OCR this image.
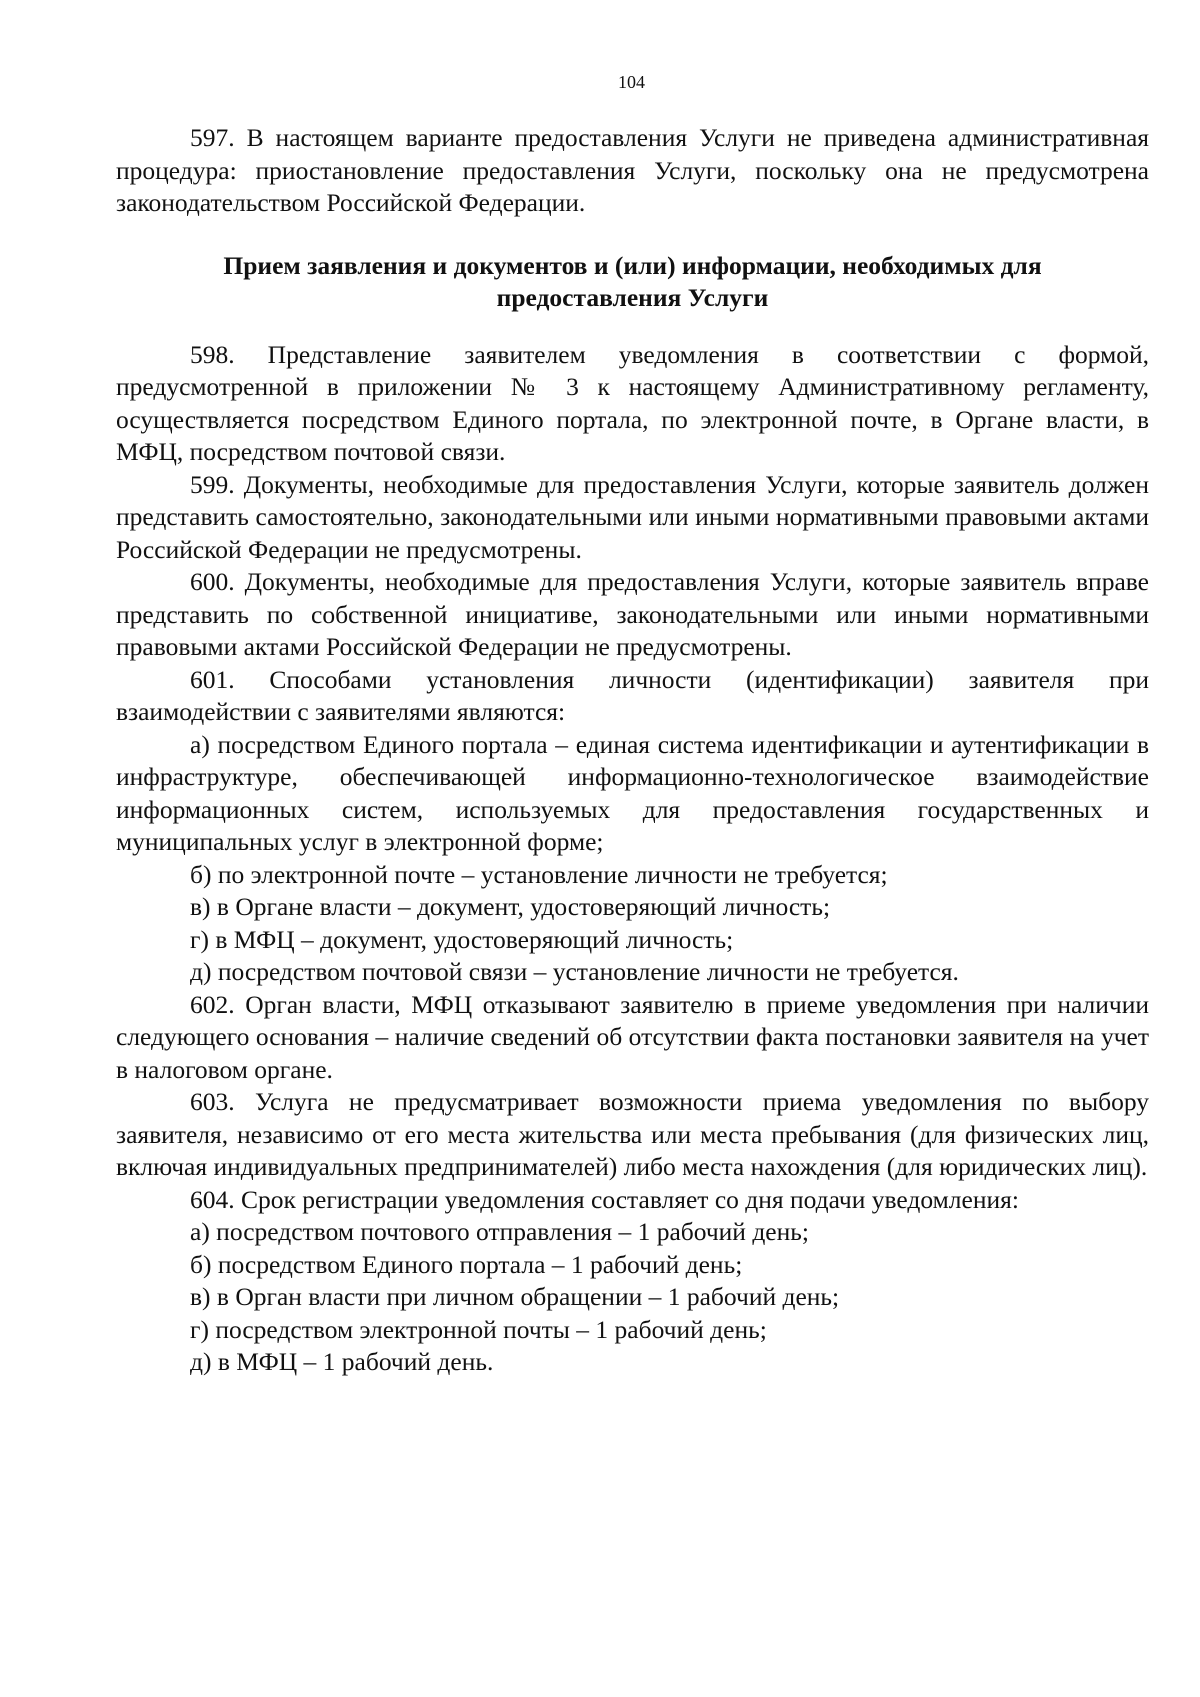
104

597. В настоящем варианте предоставления Услуги не приведена административная процедура: приостановление предоставления Услуги, поскольку она не предусмотрена законодательством Российской Федерации.

Прием заявления и документов и (или) информации, необходимых для
предоставления Услуги

598. Представление заявителем уведомления в соответствии с формой, предусмотренной в приложении № 3 к настоящему Административному регламенту, осуществляется посредством Единого портала, по электронной почте, в Органе власти, в МФЦ, посредством почтовой связи.

599. Документы, необходимые для предоставления Услуги, которые заявитель должен представить самостоятельно, законодательными или иными нормативными правовыми актами Российской Федерации не предусмотрены.

600. Документы, необходимые для предоставления Услуги, которые заявитель вправе представить по собственной инициативе, законодательными или иными нормативными правовыми актами Российской Федерации не предусмотрены.

601. Способами установления личности (идентификации) заявителя при взаимодействии с заявителями являются:

а) посредством Единого портала – единая система идентификации и аутентификации в инфраструктуре, обеспечивающей информационно-технологическое взаимодействие информационных систем, используемых для предоставления государственных и муниципальных услуг в электронной форме;

б) по электронной почте – установление личности не требуется;

в) в Органе власти – документ, удостоверяющий личность;

г) в МФЦ – документ, удостоверяющий личность;

д) посредством почтовой связи – установление личности не требуется.

602. Орган власти, МФЦ отказывают заявителю в приеме уведомления при наличии следующего основания – наличие сведений об отсутствии факта постановки заявителя на учет в налоговом органе.

603. Услуга не предусматривает возможности приема уведомления по выбору заявителя, независимо от его места жительства или места пребывания (для физических лиц, включая индивидуальных предпринимателей) либо места нахождения (для юридических лиц).

604. Срок регистрации уведомления составляет со дня подачи уведомления:

а) посредством почтового отправления – 1 рабочий день;

б) посредством Единого портала – 1 рабочий день;

в) в Орган власти при личном обращении – 1 рабочий день;

г) посредством электронной почты – 1 рабочий день;

д) в МФЦ – 1 рабочий день.
